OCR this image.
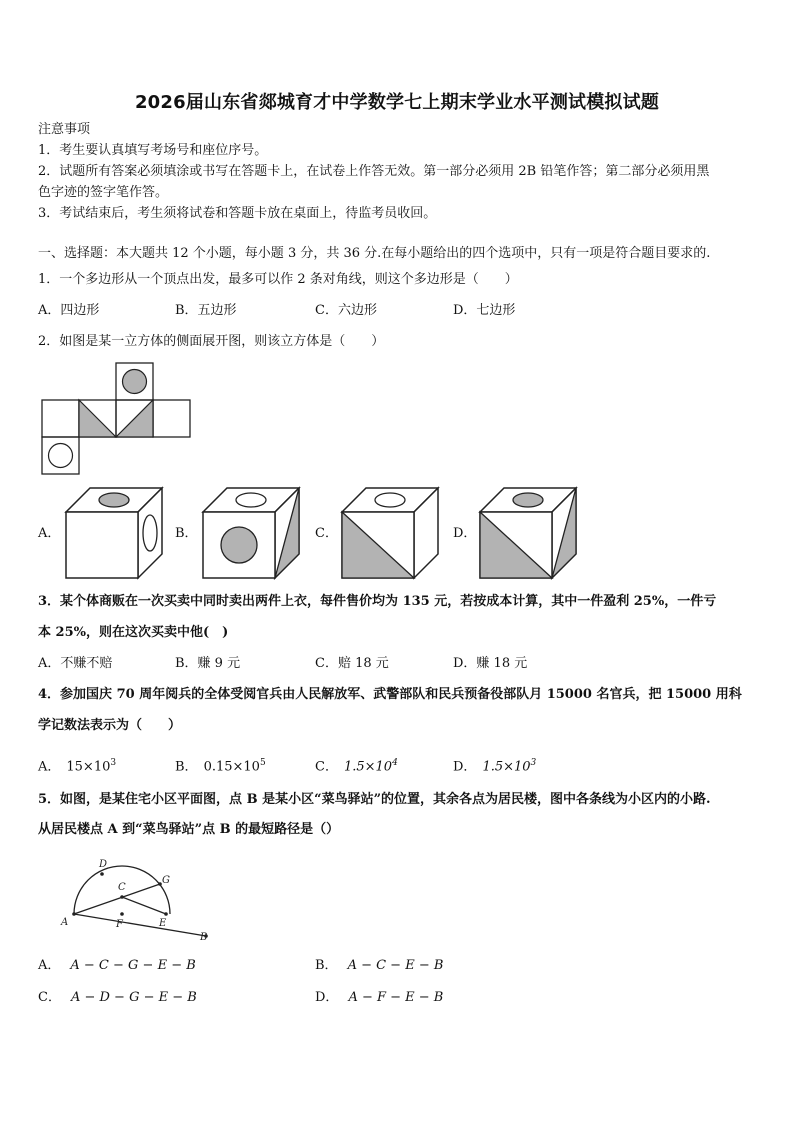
2026届山东省郯城育才中学数学七上期末学业水平测试模拟试题
注意事项
1．考生要认真填写考场号和座位序号。
2．试题所有答案必须填涂或书写在答题卡上，在试卷上作答无效。第一部分必须用 2B 铅笔作答；第二部分必须用黑
色字迹的签字笔作答。
3．考试结束后，考生须将试卷和答题卡放在桌面上，待监考员收回。
一、选择题：本大题共 12 个小题，每小题 3 分，共 36 分.在每小题给出的四个选项中，只有一项是符合题目要求的.
1．一个多边形从一个顶点出发，最多可以作 2 条对角线，则这个多边形是（　　）
A．四边形	B．五边形	C．六边形	D．七边形
2．如图是某一立方体的侧面展开图，则该立方体是（　　）
A．	B．	C．	D．
3．某个体商贩在一次买卖中同时卖出两件上衣，每件售价均为 135 元，若按成本计算，其中一件盈利 25%，一件亏
本 25%，则在这次买卖中他(　)
A．不赚不赔	B．赚 9 元	C．赔 18 元	D．赚 18 元
4．参加国庆 70 周年阅兵的全体受阅官兵由人民解放军、武警部队和民兵预备役部队月 15000 名官兵，把 15000 用科
学记数法表示为（　　）
A． $15\times 10^3$	B． $0.15\times 10^5$	C． $1.5\times 10^4$	D． $1.5\times 10^3$
5．如图，是某住宅小区平面图，点 B 是某小区“菜鸟驿站”的位置，其余各点为居民楼，图中各条线为小区内的小路.
从居民楼点 A 到“菜鸟驿站”点 B 的最短路径是（）
A
B
C
D
E
F
G
A． A − C − G − E − B	B． A − C − E − B
C． A − D − G − E − B	D． A − F − E − B
